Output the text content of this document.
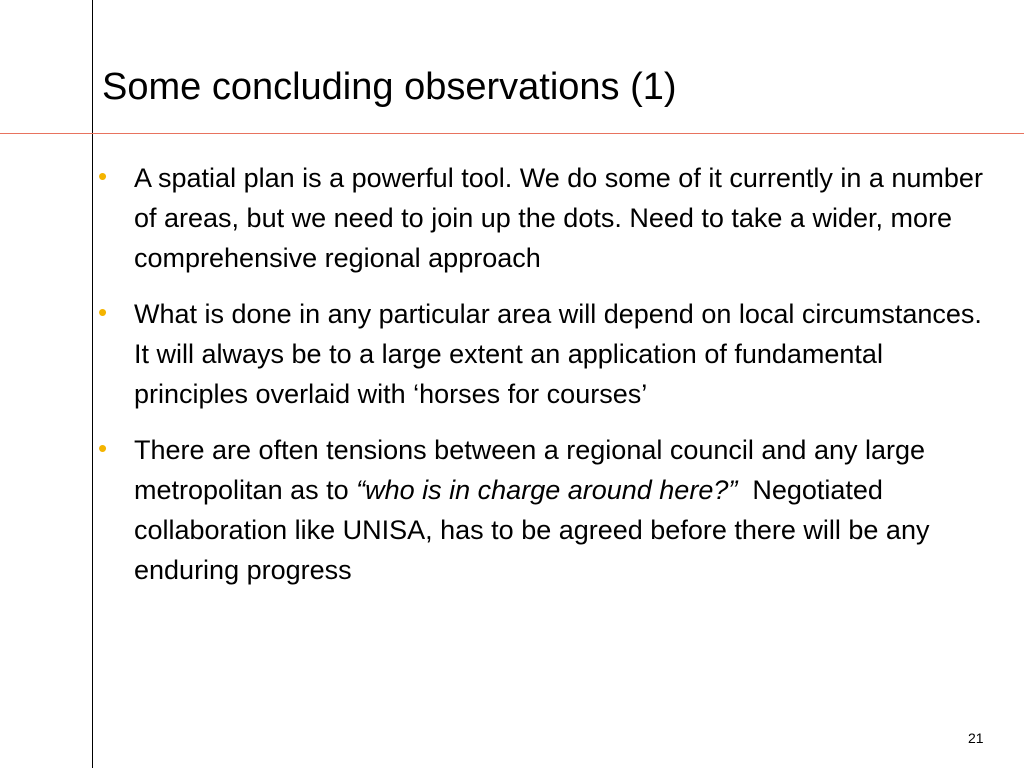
Some concluding observations (1)
• A spatial plan is a powerful tool. We do some of it currently in a number of areas, but we need to join up the dots. Need to take a wider, more comprehensive regional approach
• What is done in any particular area will depend on local circumstances. It will always be to a large extent an application of fundamental principles overlaid with ‘horses for courses’
• There are often tensions between a regional council and any large metropolitan as to “who is in charge around here?”  Negotiated collaboration like UNISA, has to be agreed before there will be any enduring progress
21
